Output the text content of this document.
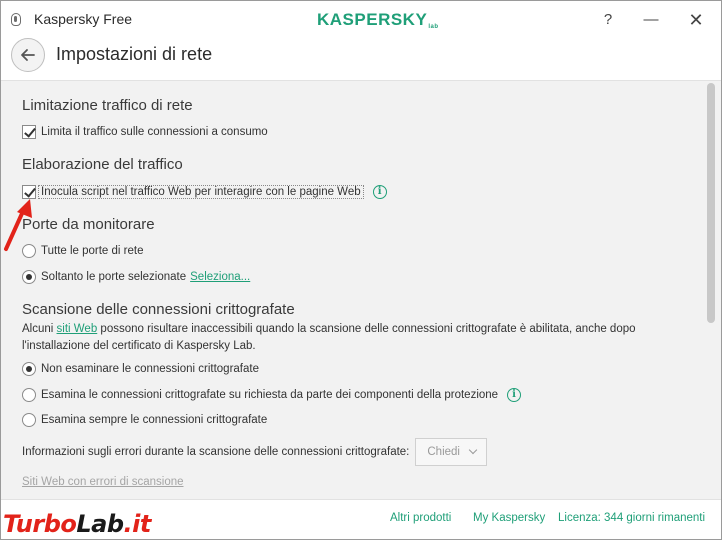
Kaspersky Free	KASPERSKYlab	?	— ✕
Impostazioni di rete
Limitazione traffico di rete
Limita il traffico sulle connessioni a consumo
Elaborazione del traffico
Inocula script nel traffico Web per interagire con le pagine Web	i
Porte da monitorare
Tutte le porte di rete
Soltanto le porte selezionate Seleziona...
Scansione delle connessioni crittografate
Alcuni siti Web possono risultare inaccessibili quando la scansione delle connessioni crittografate è abilitata, anche dopo l'installazione del certificato di Kaspersky Lab.
Non esaminare le connessioni crittografate
Esamina le connessioni crittografate su richiesta da parte dei componenti della protezione	i
Esamina sempre le connessioni crittografate
Informazioni sugli errori durante la scansione delle connessioni crittografate: Chiedi
Siti Web con errori di scansione
Altri prodotti My Kaspersky Licenza: 344 giorni rimanenti
Turbo Lab .it
